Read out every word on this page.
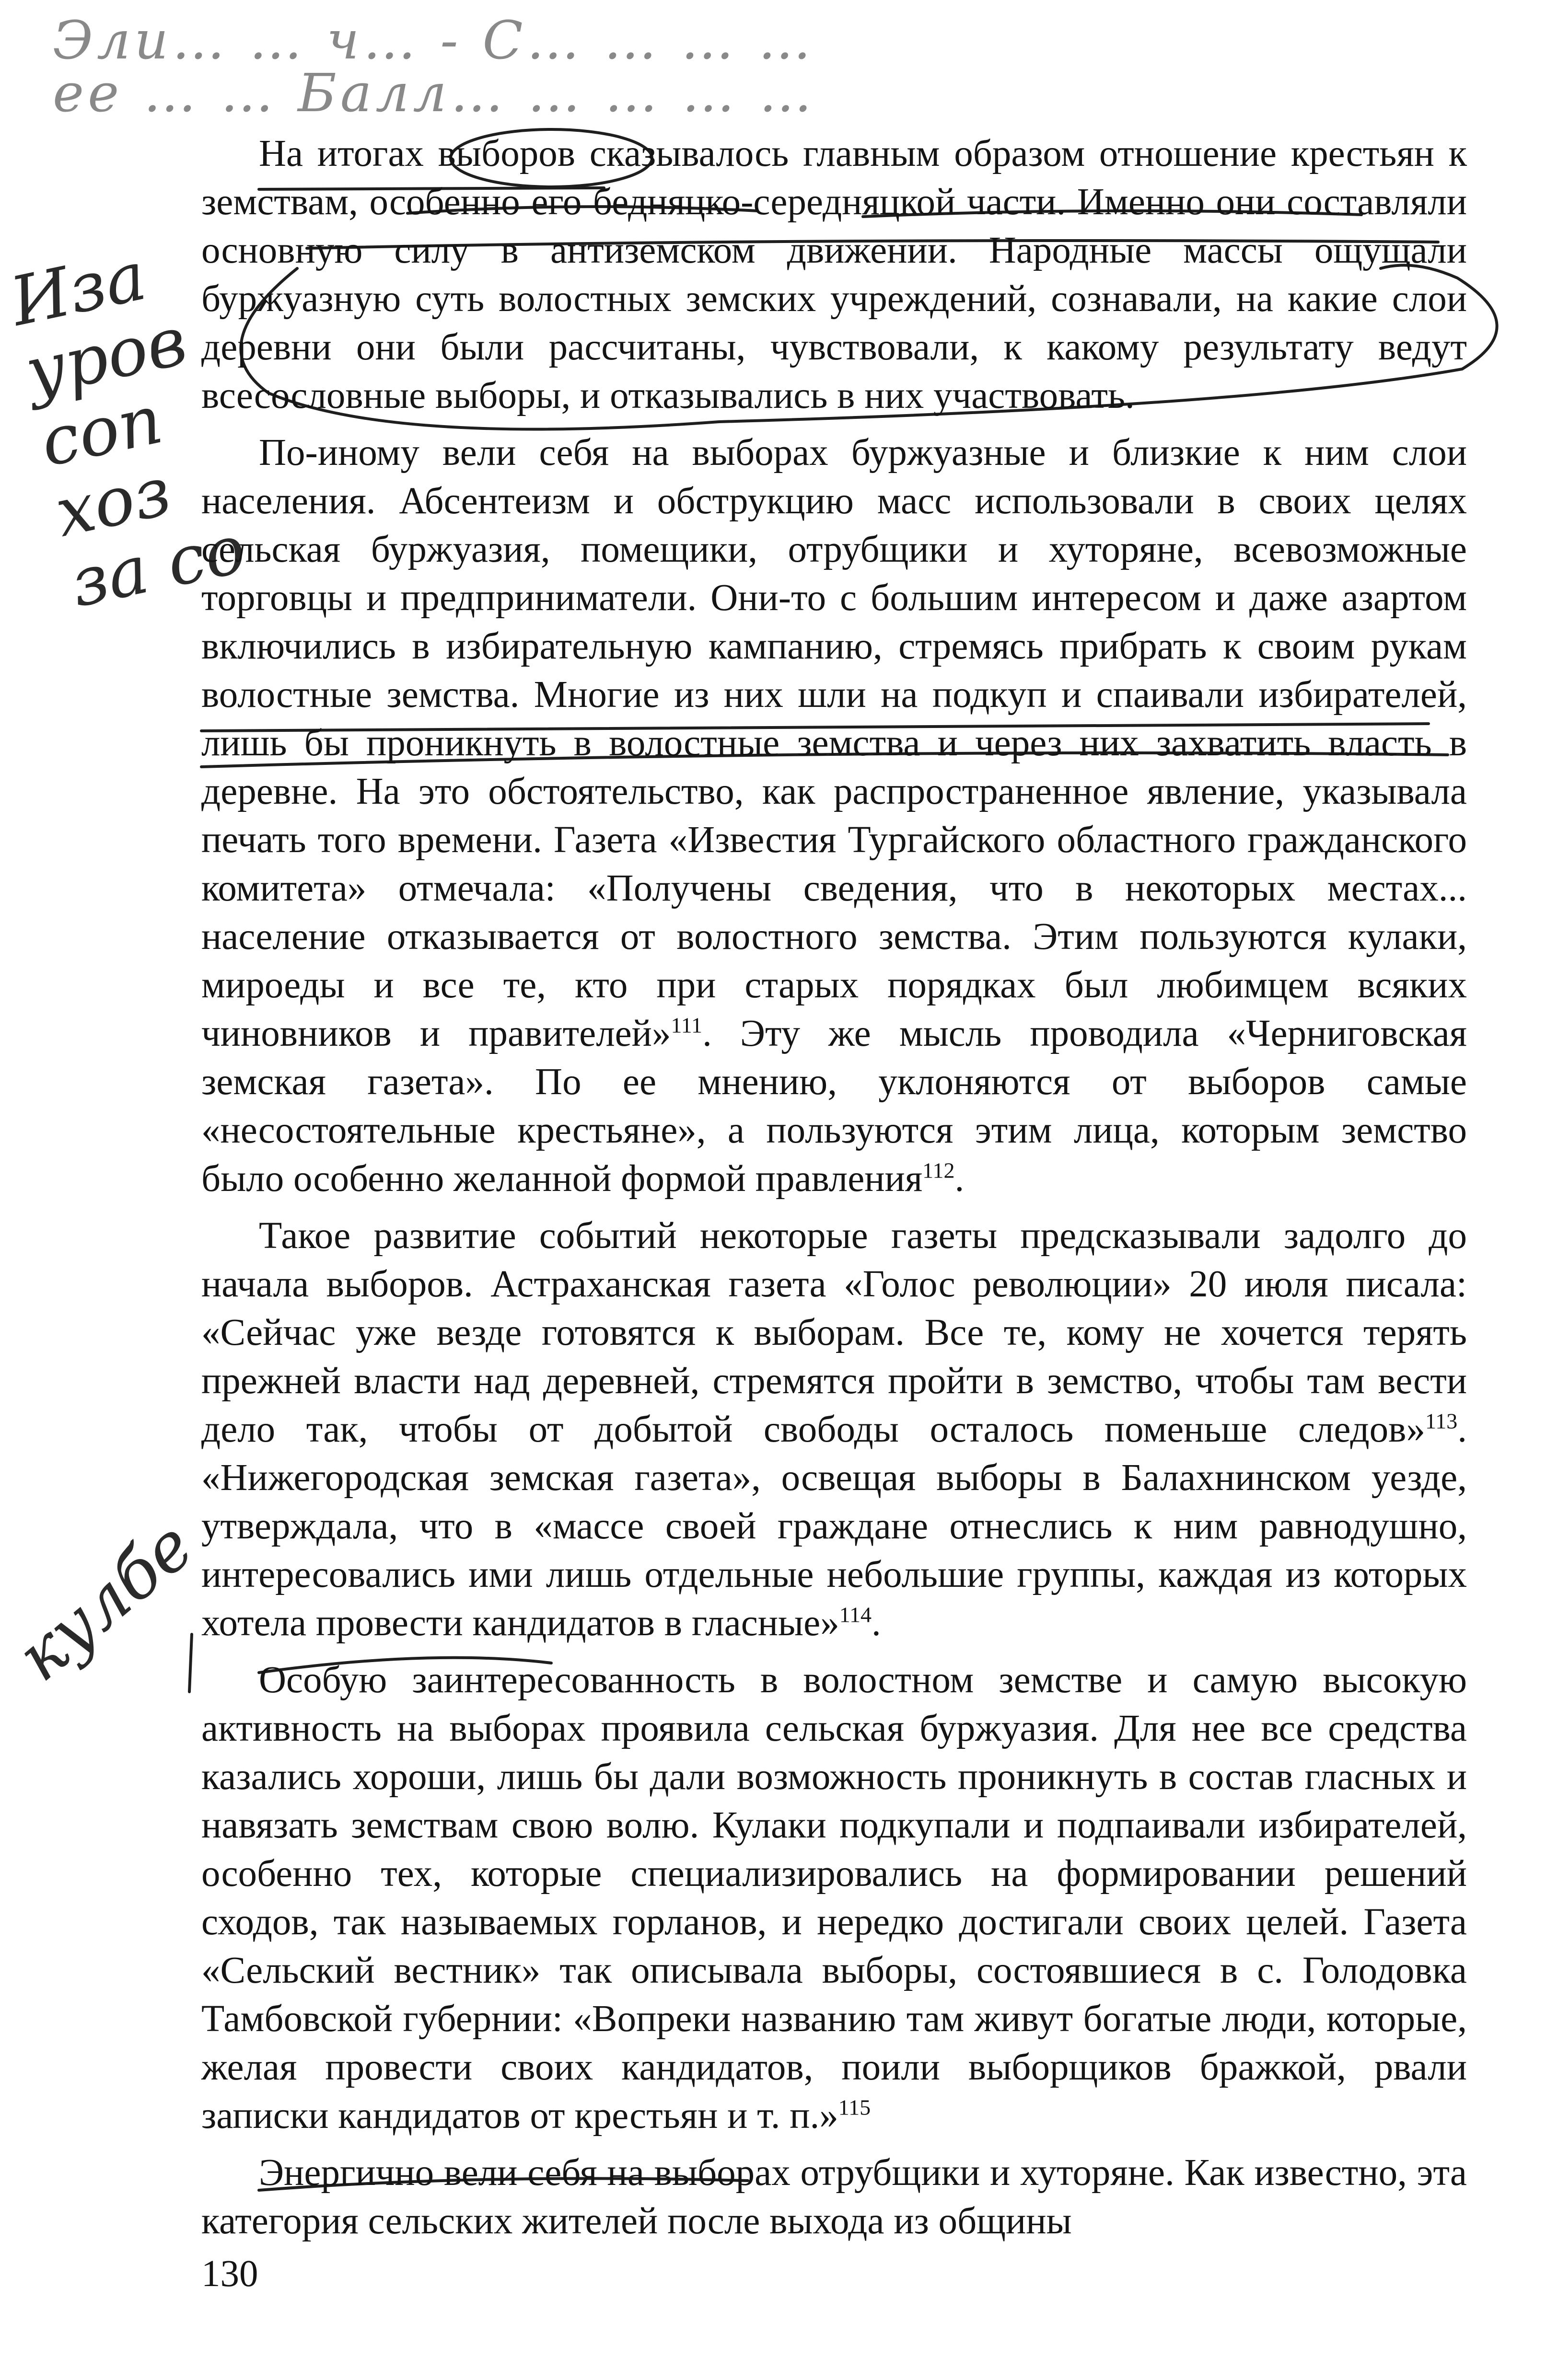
Эли… … ч… - С… … … …
ее … … Балл… … … … …
Иза
уров
соп
хоз
за со
кулбе

На итогах выборов сказывалось главным образом отношение крестьян к земствам, особенно его бедняцко-середняцкой части. Именно они составляли основную силу в антиземском движении. Народные массы ощущали буржуазную суть волостных земских учреждений, сознавали, на какие слои деревни они были рассчитаны, чувствовали, к какому результату ведут всесословные выборы, и отказывались в них участвовать.

По-иному вели себя на выборах буржуазные и близкие к ним слои населения. Абсентеизм и обструкцию масс использовали в своих целях сельская буржуазия, помещики, отрубщики и хуторяне, всевозможные торговцы и предприниматели. Они-то с большим интересом и даже азартом включились в избирательную кампанию, стремясь прибрать к своим рукам волостные земства. Многие из них шли на подкуп и спаивали избирателей, лишь бы проникнуть в волостные земства и через них захватить власть в деревне. На это обстоятельство, как распространенное явление, указывала печать того времени. Газета «Известия Тургайского областного гражданского комитета» отмечала: «Получены сведения, что в некоторых местах... население отказывается от волостного земства. Этим пользуются кулаки, мироеды и все те, кто при старых порядках был любимцем всяких чиновников и правителей»$^{111}$. Эту же мысль проводила «Черниговская земская газета». По ее мнению, уклоняются от выборов самые «несостоятельные крестьяне», а пользуются этим лица, которым земство было особенно желанной формой правления$^{112}$.

Такое развитие событий некоторые газеты предсказывали задолго до начала выборов. Астраханская газета «Голос революции» 20 июля писала: «Сейчас уже везде готовятся к выборам. Все те, кому не хочется терять прежней власти над деревней, стремятся пройти в земство, чтобы там вести дело так, чтобы от добытой свободы осталось поменьше следов»$^{113}$. «Нижегородская земская газета», освещая выборы в Балахнинском уезде, утверждала, что в «массе своей граждане отнеслись к ним равнодушно, интересовались ими лишь отдельные небольшие группы, каждая из которых хотела провести кандидатов в гласные»$^{114}$.

Особую заинтересованность в волостном земстве и самую высокую активность на выборах проявила сельская буржуазия. Для нее все средства казались хороши, лишь бы дали возможность проникнуть в состав гласных и навязать земствам свою волю. Кулаки подкупали и подпаивали избирателей, особенно тех, которые специализировались на формировании решений сходов, так называемых горланов, и нередко достигали своих целей. Газета «Сельский вестник» так описывала выборы, состоявшиеся в с. Голодовка Тамбовской губернии: «Вопреки названию там живут богатые люди, которые, желая провести своих кандидатов, поили выборщиков бражкой, рвали записки кандидатов от крестьян и т. п.»$^{115}$

Энергично вели себя на выборах отрубщики и хуторяне. Как известно, эта категория сельских жителей после выхода из общины

130
